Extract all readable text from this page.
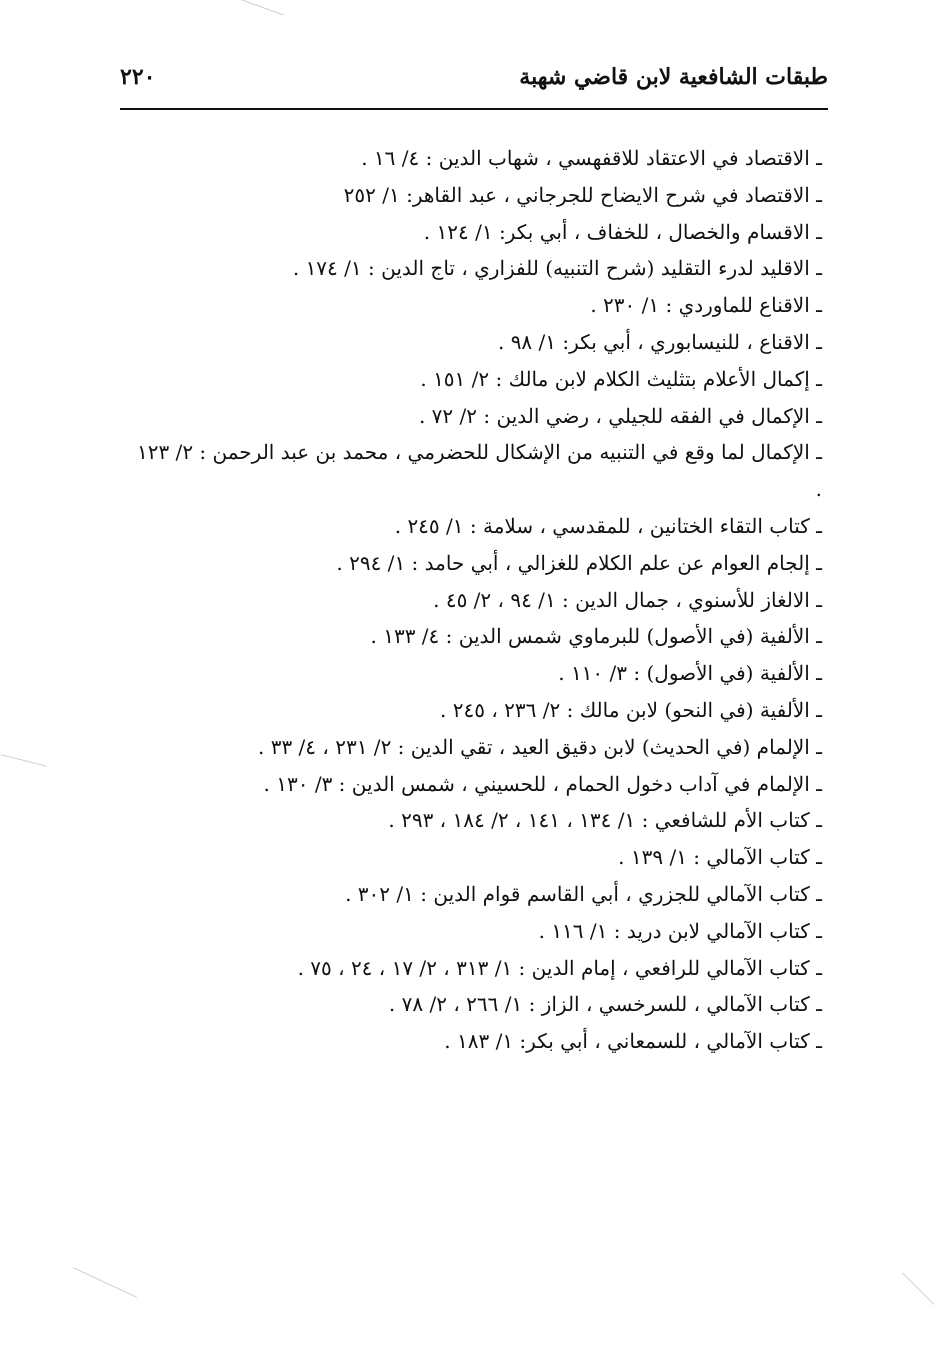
طبقات الشافعية لابن قاضي شهبة
٢٢٠
ـ الاقتصاد في الاعتقاد للاقفهسي ، شهاب الدين : ٤/ ١٦ .
ـ الاقتصاد في شرح الايضاح للجرجاني ، عبد القاهر: ١/ ٢٥٢
ـ الاقسام والخصال ، للخفاف ، أبي بكر: ١/ ١٢٤ .
ـ الاقليد لدرء التقليد (شرح التنبيه) للفزاري ، تاج الدين : ١/ ١٧٤ .
ـ الاقناع للماوردي : ١/ ٢٣٠ .
ـ الاقناع ، للنيسابوري ، أبي بكر: ١/ ٩٨ .
ـ إكمال الأعلام بتثليث الكلام لابن مالك : ٢/ ١٥١ .
ـ الإكمال في الفقه للجيلي ، رضي الدين : ٢/ ٧٢ .
ـ الإكمال لما وقع في التنبيه من الإشكال للحضرمي ، محمد بن عبد الرحمن : ٢/ ١٢٣ .
ـ كتاب التقاء الختانين ، للمقدسي ، سلامة : ١/ ٢٤٥ .
ـ إلجام العوام عن علم الكلام للغزالي ، أبي حامد : ١/ ٢٩٤ .
ـ الالغاز للأسنوي ، جمال الدين : ١/ ٩٤ ، ٢/ ٤٥ .
ـ الألفية (في الأصول) للبرماوي شمس الدين : ٤/ ١٣٣ .
ـ الألفية (في الأصول) : ٣/ ١١٠ .
ـ الألفية (في النحو) لابن مالك : ٢/ ٢٣٦ ، ٢٤٥ .
ـ الإلمام (في الحديث) لابن دقيق العيد ، تقي الدين : ٢/ ٢٣١ ، ٤/ ٣٣ .
ـ الإلمام في آداب دخول الحمام ، للحسيني ، شمس الدين : ٣/ ١٣٠ .
ـ كتاب الأم للشافعي : ١/ ١٣٤ ، ١٤١ ، ٢/ ١٨٤ ، ٢٩٣ .
ـ كتاب الآمالي : ١/ ١٣٩ .
ـ كتاب الآمالي للجزري ، أبي القاسم قوام الدين : ١/ ٣٠٢ .
ـ كتاب الآمالي لابن دريد : ١/ ١١٦ .
ـ كتاب الآمالي للرافعي ، إمام الدين : ١/ ٣١٣ ، ٢/ ١٧ ، ٢٤ ، ٧٥ .
ـ كتاب الآمالي ، للسرخسي ، الزاز : ١/ ٢٦٦ ، ٢/ ٧٨ .
ـ كتاب الآمالي ، للسمعاني ، أبي بكر: ١/ ١٨٣ .
